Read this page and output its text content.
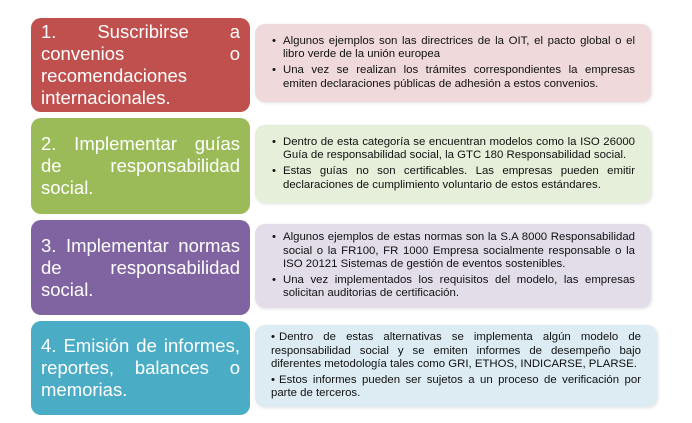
1. Suscribirse a convenios o recomendaciones internacionales.
• Algunos ejemplos son las directrices de la OIT, el pacto global o el libro verde de la unión europea
• Una vez se realizan los trámites correspondientes la empresas emiten declaraciones públicas de adhesión a estos convenios.
2. Implementar guías de responsabilidad social.
• Dentro de esta categoría se encuentran modelos como la ISO 26000 Guía de responsabilidad social, la GTC 180 Responsabilidad social.
• Estas guías no son certificables. Las empresas pueden emitir declaraciones de cumplimiento voluntario de estos estándares.
3. Implementar normas de responsabilidad social.
• Algunos ejemplos de estas normas son la S.A 8000 Responsabilidad social o la FR100, FR 1000 Empresa socialmente responsable o la ISO 20121 Sistemas de gestión de eventos sostenibles.
• Una vez implementados los requisitos del modelo, las empresas solicitan auditorias de certificación.
4. Emisión de informes, reportes, balances o memorias.
• Dentro de estas alternativas se implementa algún modelo de responsabilidad social y se emiten informes de desempeño bajo diferentes metodología tales como GRI, ETHOS, INDICARSE, PLARSE.
• Estos informes pueden ser sujetos a un proceso de verificación por parte de terceros.
